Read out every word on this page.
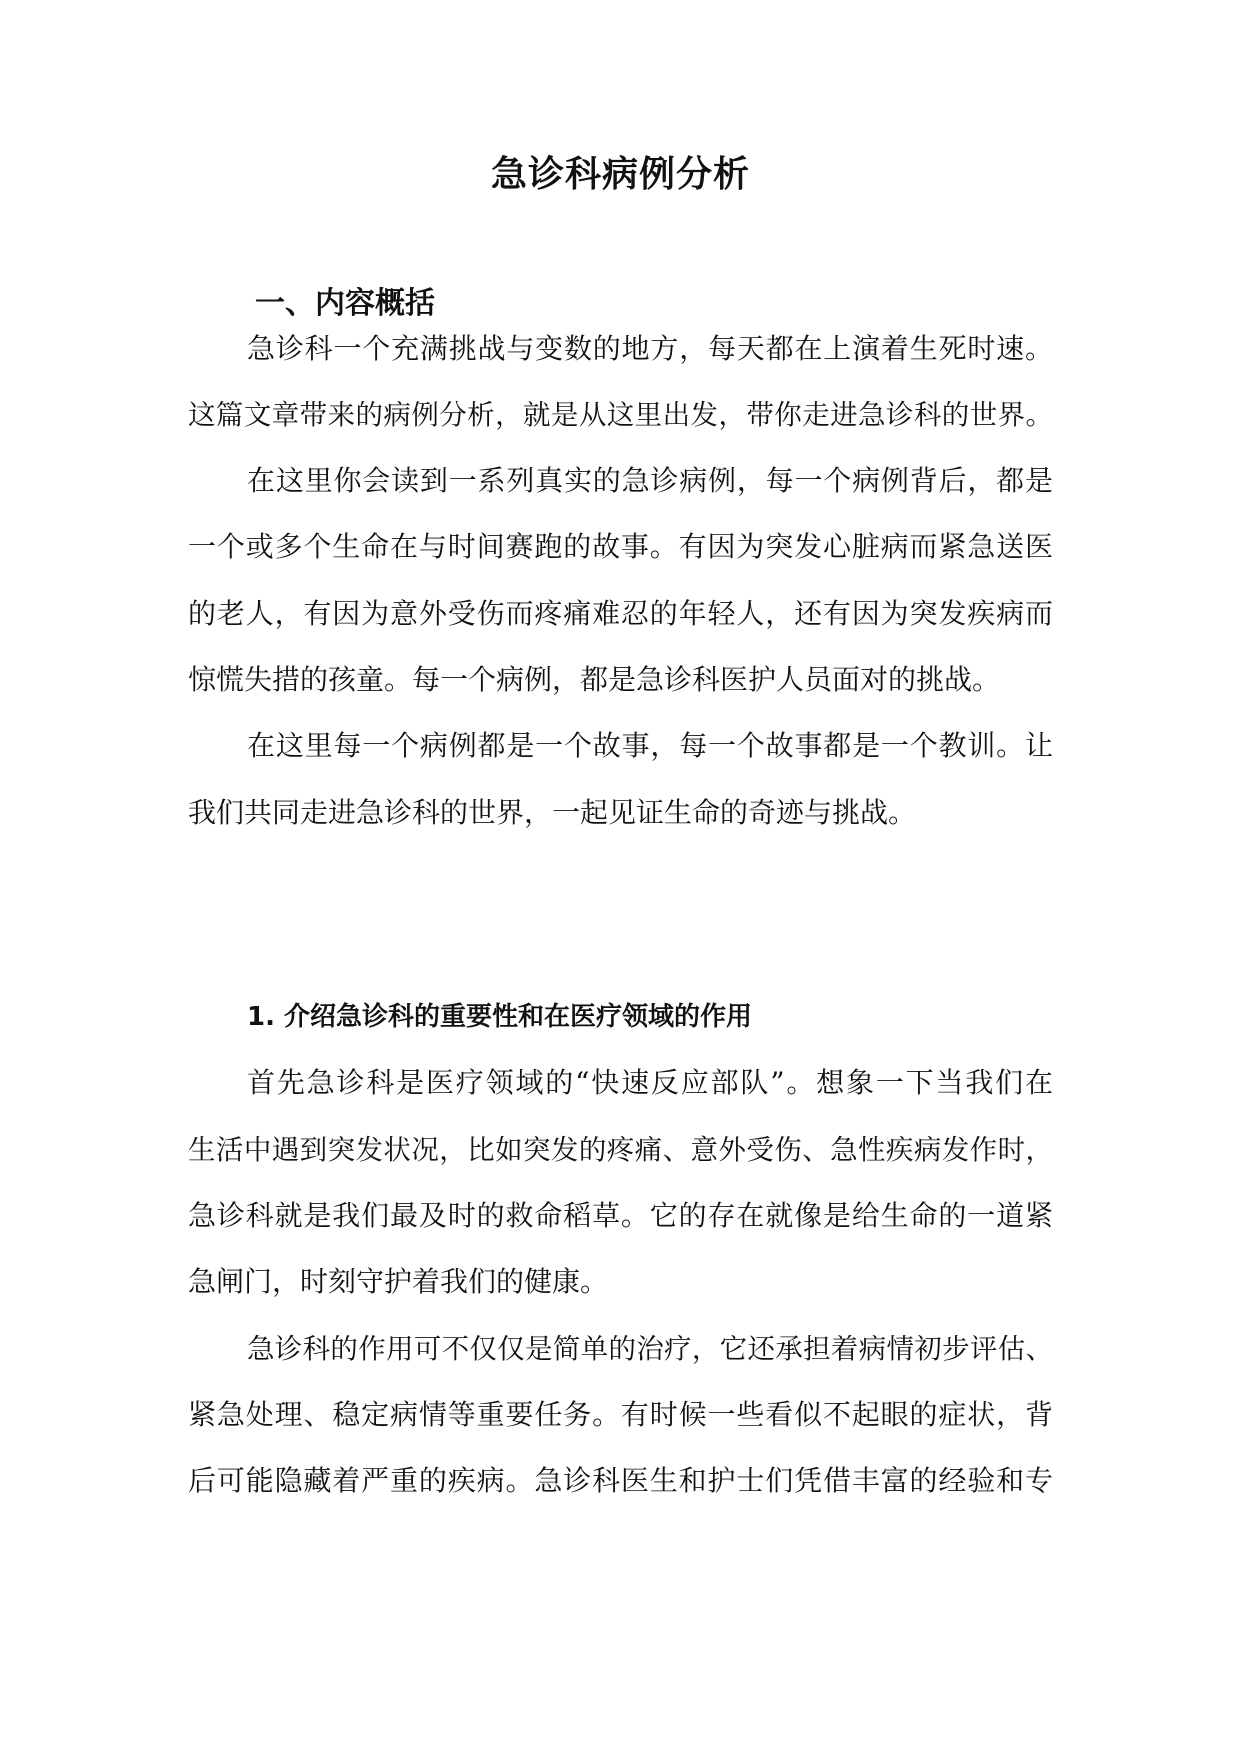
急诊科病例分析
一、内容概括
急诊科一个充满挑战与变数的地方，每天都在上演着生死时速。
这篇文章带来的病例分析，就是从这里出发，带你走进急诊科的世界。
在这里你会读到一系列真实的急诊病例，每一个病例背后，都是
一个或多个生命在与时间赛跑的故事。有因为突发心脏病而紧急送医
的老人，有因为意外受伤而疼痛难忍的年轻人，还有因为突发疾病而
惊慌失措的孩童。每一个病例，都是急诊科医护人员面对的挑战。
在这里每一个病例都是一个故事，每一个故事都是一个教训。让
我们共同走进急诊科的世界，一起见证生命的奇迹与挑战。
1. 介绍急诊科的重要性和在医疗领域的作用
首先急诊科是医疗领域的“快速反应部队”。想象一下当我们在
生活中遇到突发状况，比如突发的疼痛、意外受伤、急性疾病发作时，
急诊科就是我们最及时的救命稻草。它的存在就像是给生命的一道紧
急闸门，时刻守护着我们的健康。
急诊科的作用可不仅仅是简单的治疗，它还承担着病情初步评估、
紧急处理、稳定病情等重要任务。有时候一些看似不起眼的症状，背
后可能隐藏着严重的疾病。急诊科医生和护士们凭借丰富的经验和专
